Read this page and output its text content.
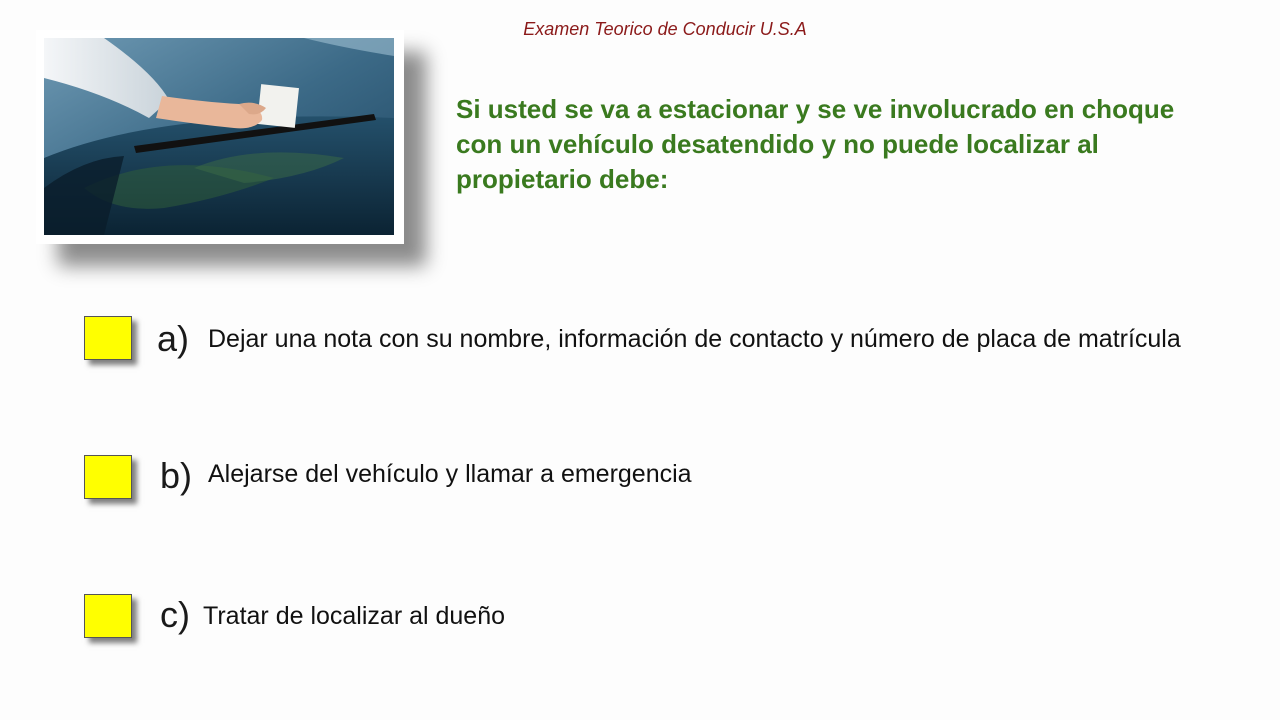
Examen Teorico de Conducir U.S.A
Si usted se va a estacionar y se ve involucrado en choque con un vehículo desatendido y no puede localizar al propietario debe:
a) Dejar una nota con su nombre, información de contacto y número de placa de matrícula
b) Alejarse del vehículo y llamar a emergencia
c) Tratar de localizar al dueño
